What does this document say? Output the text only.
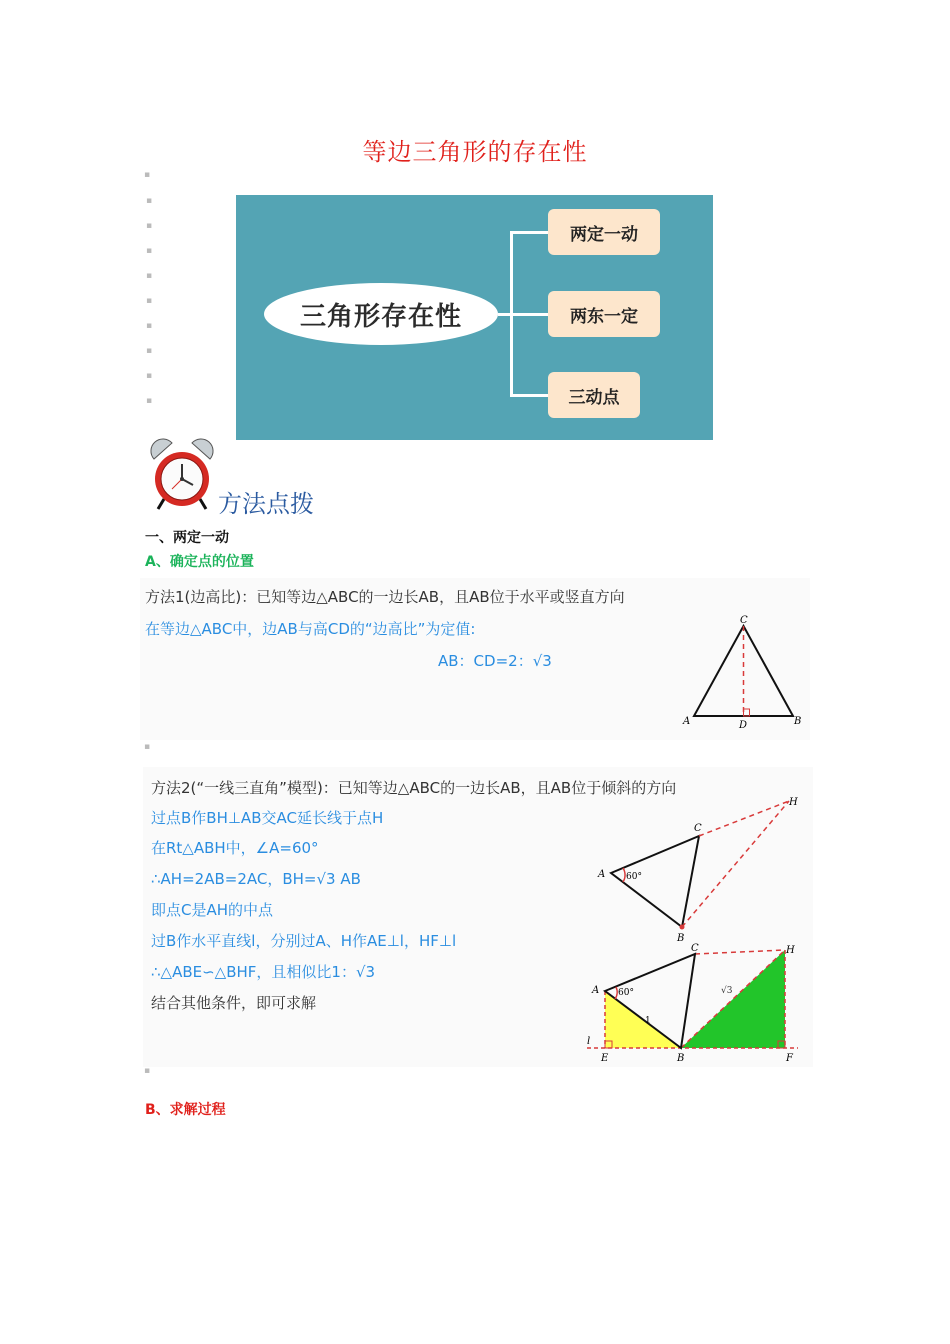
等边三角形的存在性
▪
▪
▪
▪
▪
▪
▪
▪
▪
▪
三角形存在性
两定一动
两东一定
三动点
方法点拨
一、两定一动
A、确定点的位置
方法1(边高比)：已知等边△ABC的一边长AB，且AB位于水平或竖直方向
在等边△ABC中，边AB与高CD的“边高比”为定值:
AB：CD=2：√3
A	B
C
D
▪
方法2(“一线三直角”模型)：已知等边△ABC的一边长AB，且AB位于倾斜的方向
过点B作BH⊥AB交AC延长线于点H
在Rt△ABH中，∠A=60°
∴AH=2AB=2AC，BH=√3 AB
即点C是AH的中点
过B作水平直线l，分别过A、H作AE⊥l，HF⊥l
∴△ABE∽△BHF，且相似比1：√3
结合其他条件，即可求解
60°
A
B
C
H
60°
1
√3
A
B
C	H
E	F
l
▪
B、求解过程
